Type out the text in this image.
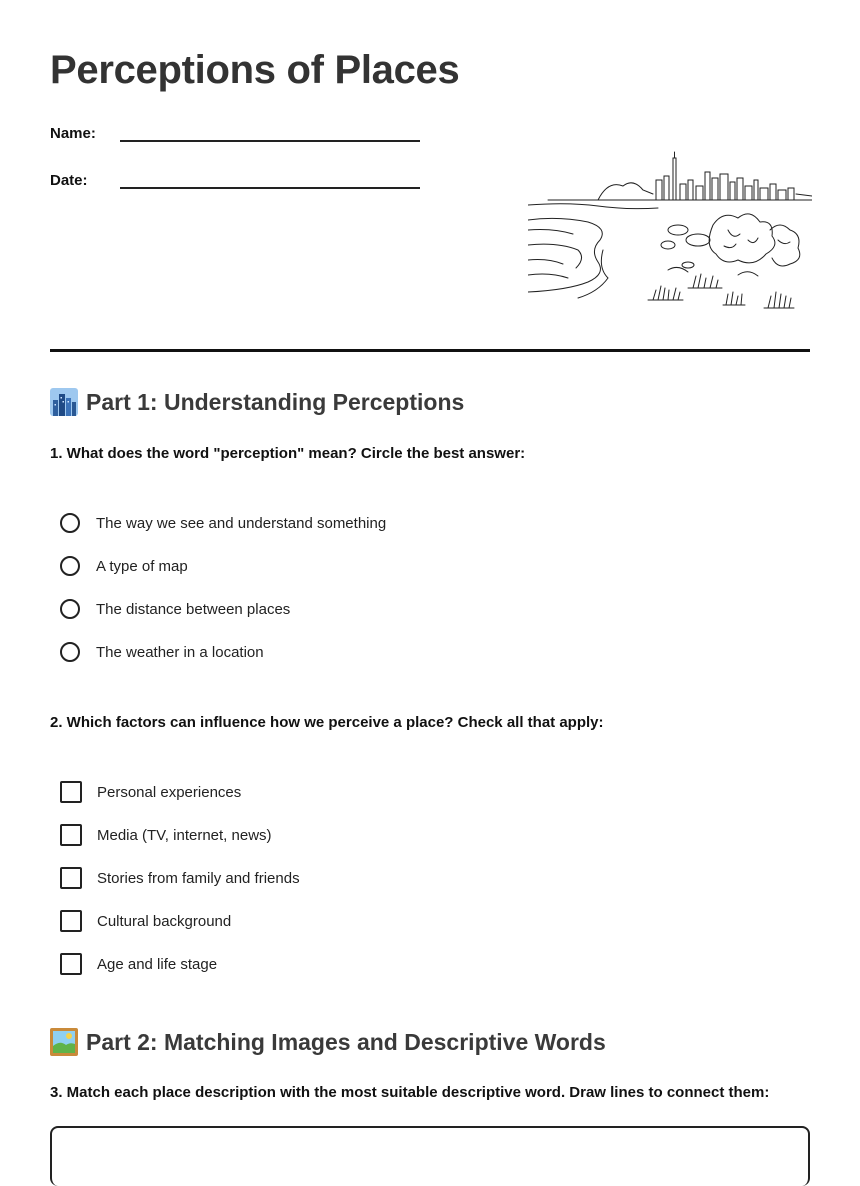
Perceptions of Places
Name:
Date:
Part 1: Understanding Perceptions

1. What does the word "perception" mean? Circle the best answer:

The way we see and understand something
A type of map
The distance between places
The weather in a location

2. Which factors can influence how we perceive a place? Check all that apply:

Personal experiences
Media (TV, internet, news)
Stories from family and friends
Cultural background
Age and life stage
Part 2: Matching Images and Descriptive Words

3. Match each place description with the most suitable descriptive word. Draw lines to connect them:
